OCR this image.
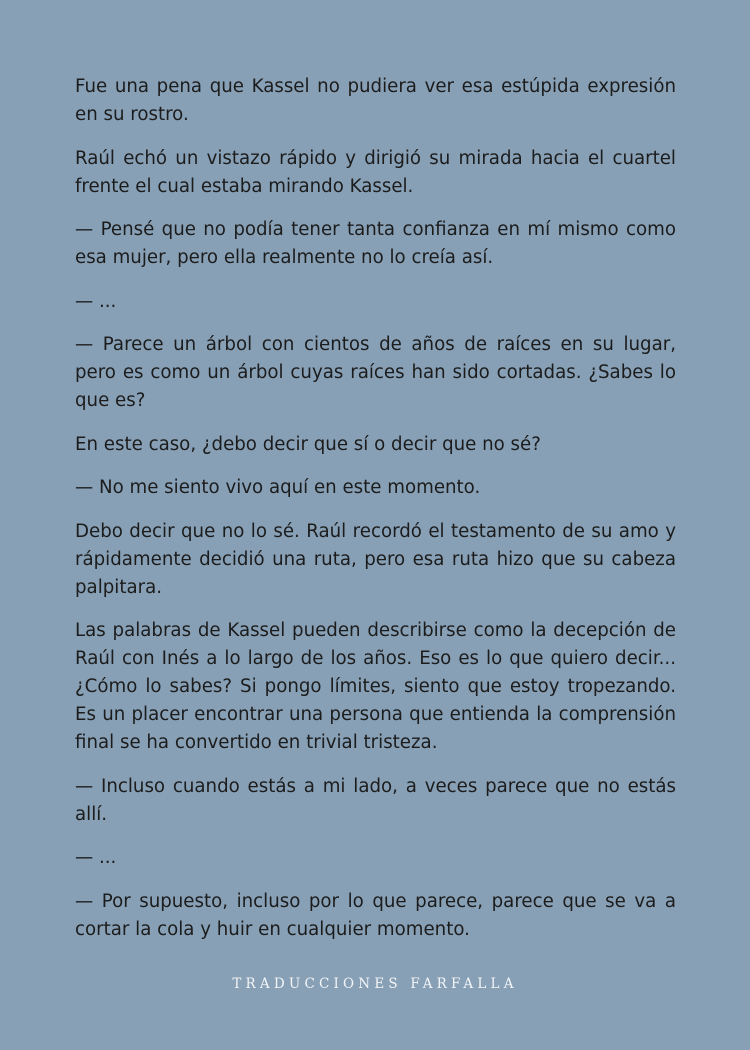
Fue una pena que Kassel no pudiera ver esa estúpida expresión en su rostro.

Raúl echó un vistazo rápido y dirigió su mirada hacia el cuartel frente el cual estaba mirando Kassel.

— Pensé que no podía tener tanta confianza en mí mismo como esa mujer, pero ella realmente no lo creía así.

— ...

— Parece un árbol con cientos de años de raíces en su lugar, pero es como un árbol cuyas raíces han sido cortadas. ¿Sabes lo que es?

En este caso, ¿debo decir que sí o decir que no sé?

— No me siento vivo aquí en este momento.

Debo decir que no lo sé. Raúl recordó el testamento de su amo y rápidamente decidió una ruta, pero esa ruta hizo que su cabeza palpitara.

Las palabras de Kassel pueden describirse como la decepción de Raúl con Inés a lo largo de los años. Eso es lo que quiero decir... ¿Cómo lo sabes? Si pongo límites, siento que estoy tropezando. Es un placer encontrar una persona que entienda la comprensión final se ha convertido en trivial tristeza.

— Incluso cuando estás a mi lado, a veces parece que no estás allí.

— ...

— Por supuesto, incluso por lo que parece, parece que se va a cortar la cola y huir en cualquier momento.

TRADUCCIONES FARFALLA
